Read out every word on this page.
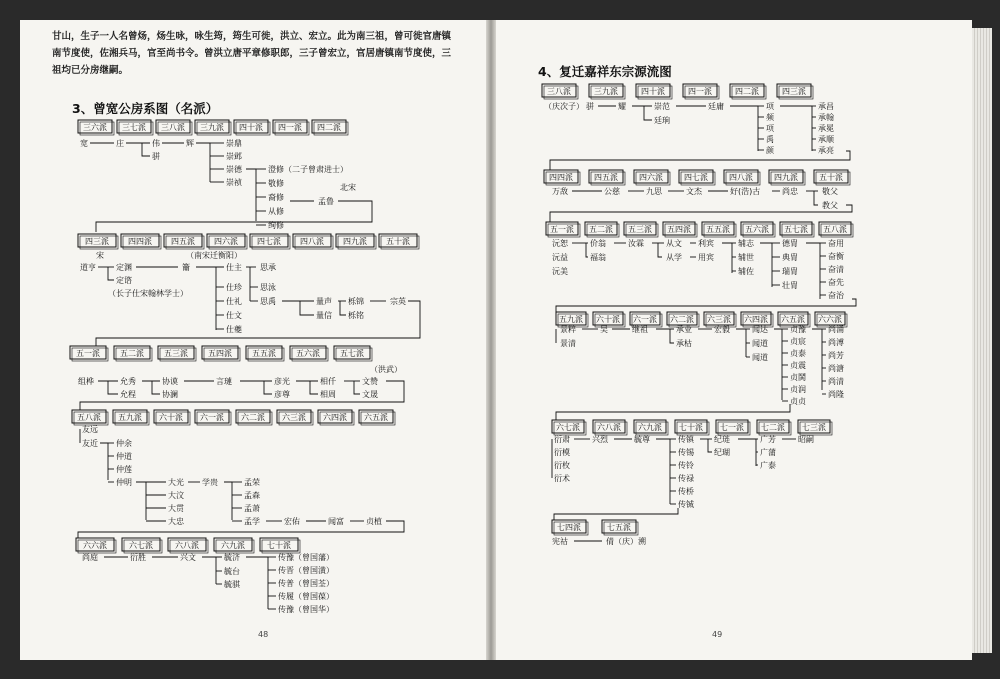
甘山，生子一人名曾炀，炀生咏，咏生筠，筠生可徙，洪立、宏立。此为南三祖，曾可徙官唐镇南节度使，佐湘兵马，官至尚书令。曾洪立唐平章修职郎，三子曾宏立，官居唐镇南节度使，三祖均已分房继嗣。
3、曾宽公房系图（名派）
4、复迁嘉祥东宗源流图
48	49
三六派 三七派 三八派 三九派 四十派 四一派 四二派
宽	庄	伟
骈
辉	崇鼎
崇邺
崇德
崇祯
澄修（二子曾肃进士）
敬修
裔修
从修
绚修
北宋
孟鲁
四三派 四四派 四五派 四六派 四七派 四八派 四九派 五十派
宋	（南宋迁衡阳）
道亨	定渊
定谘
（长子仕宋翰林学士）
籥	仕主 思承
仕珍
仕礼
仕文
仕夔
思泳
思禹	量声
量信
栎锦
栎铭
宗英
五一派	五二派	五三派	五四派	五五派	五六派	五七派
（洪武）
组桦	允秀
允程
协谟
协澜
言璉	彦光
彦尊
相仟
相周
文赞
文晟
五八派 五九派 六十派 六一派 六二派 六三派 六四派 六五派
友远
友近 仲余
仲道
仲莲
仲明	大光
大汶
大贯
大忠
学贵	孟荣
孟森
孟萧
孟学	宏佑	闻富	贞植
六六派	六七派	六八派	六九派	七十派
尚庭	衍胜	兴文	毓济
毓台
毓骐
传豫（曾国藩）
传晋（曾国潢）
传普（曾国荃）
传履（曾国葆）
传豫（曾国华）
三八派	三九派	四十派	四一派	四二派	四三派
（庆次子） 骈	耀	崇范
廷珦
廷庸	项
频
项
禹
颜
承昌
承翰
承冕
承顺
承亮
四四派	四五派	四六派	四七派	四八派	四九派	五十派
万敌	公慈	九思	文杰	好(浩)古	尚忠	敬父
教父
五一派 五二派 五三派 五四派 五五派 五六派 五七派 五八派
沅恕
沅益
沅美
价翁
福翁
汝霖	从文
从学
利宾
用宾
辅志
辅世
辅佐
德胄
典胄
瑞胄
壮胄
奋用
奋衡
奋清
奋先
奋治
五九派 六十派 六一派 六二派 六三派 六四派 六五派 六六派
景粹
景清
吴	继祖	承业
承枯
宏毅	闻达
闻道
闻道
贞豫
贞宸
贞泰
贞震
贞鬨
贞润
贞贞
尚涌
尚溥
尚芳
尚溏
尚清
尚隆
六七派 六八派 六九派 七十派 七一派 七二派 七三派
衍肃
衍模
衍枚
衍术
兴烈	毓尊	传镇
传锡
传铃
传禄
传桥
传铖
纪琏
纪瑚
广芳
广蒲
广泰
昭嗣
七四派	七五派
宪祜	倩（庆）溯
